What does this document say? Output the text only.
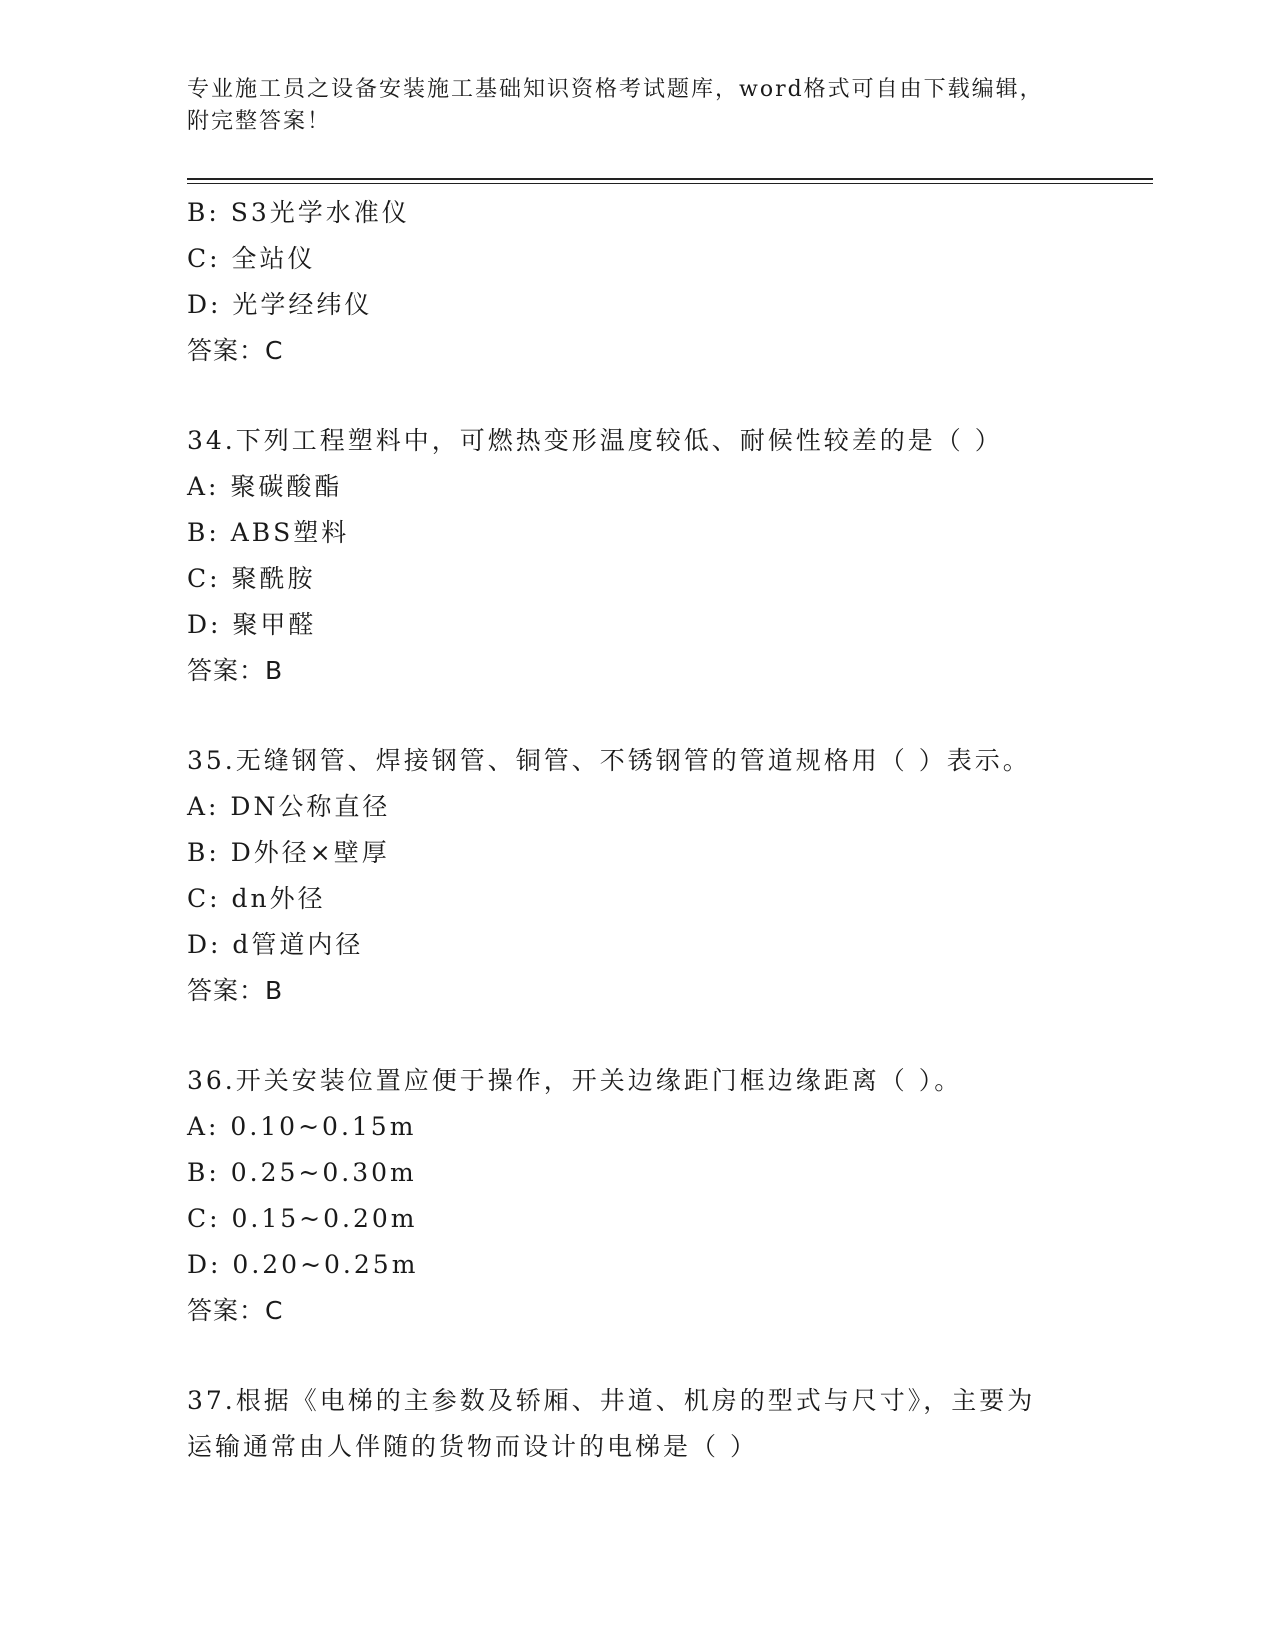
专业施工员之设备安装施工基础知识资格考试题库，word格式可自由下载编辑，
附完整答案！
B: S3光学水准仪
C: 全站仪
D: 光学经纬仪
答案：C
34.下列工程塑料中，可燃热变形温度较低、耐候性较差的是（ ）
A: 聚碳酸酯
B: ABS塑料
C: 聚酰胺
D: 聚甲醛
答案：B
35.无缝钢管、焊接钢管、铜管、不锈钢管的管道规格用（ ）表示。
A: DN公称直径
B: D外径×壁厚
C: dn外径
D: d管道内径
答案：B
36.开关安装位置应便于操作，开关边缘距门框边缘距离（ ）。
A: 0.10~0.15m
B: 0.25~0.30m
C: 0.15~0.20m
D: 0.20~0.25m
答案：C
37.根据《电梯的主参数及轿厢、井道、机房的型式与尺寸》，主要为
运输通常由人伴随的货物而设计的电梯是（ ）
